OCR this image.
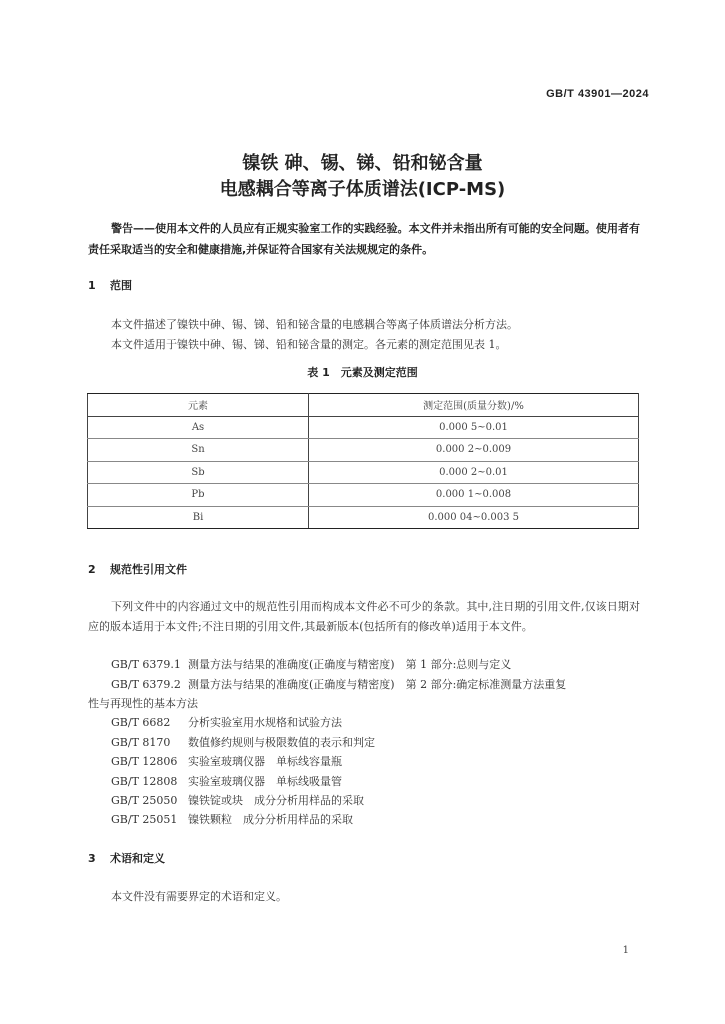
GB/T 43901—2024
镍铁 砷、锡、锑、铅和铋含量
电感耦合等离子体质谱法(ICP-MS)
警告——使用本文件的人员应有正规实验室工作的实践经验。本文件并未指出所有可能的安全问题。使用者有责任采取适当的安全和健康措施,并保证符合国家有关法规规定的条件。
1 范围
本文件描述了镍铁中砷、锡、锑、铅和铋含量的电感耦合等离子体质谱法分析方法。
本文件适用于镍铁中砷、锡、锑、铅和铋含量的测定。各元素的测定范围见表 1。
表 1　元素及测定范围
元素	测定范围(质量分数)/%
As	0.000 5~0.01
Sn	0.000 2~0.009
Sb	0.000 2~0.01
Pb	0.000 1~0.008
Bi	0.000 04~0.003 5
2 规范性引用文件
下列文件中的内容通过文中的规范性引用而构成本文件必不可少的条款。其中,注日期的引用文件,仅该日期对应的版本适用于本文件;不注日期的引用文件,其最新版本(包括所有的修改单)适用于本文件。
GB/T 6379.1 测量方法与结果的准确度(正确度与精密度)　第 1 部分:总则与定义
GB/T 6379.2 测量方法与结果的准确度(正确度与精密度)　第 2 部分:确定标准测量方法重复
性与再现性的基本方法
GB/T 6682 分析实验室用水规格和试验方法
GB/T 8170 数值修约规则与极限数值的表示和判定
GB/T 12806 实验室玻璃仪器　单标线容量瓶
GB/T 12808 实验室玻璃仪器　单标线吸量管
GB/T 25050 镍铁锭或块　成分分析用样品的采取
GB/T 25051 镍铁颗粒　成分分析用样品的采取
3 术语和定义
本文件没有需要界定的术语和定义。
1
